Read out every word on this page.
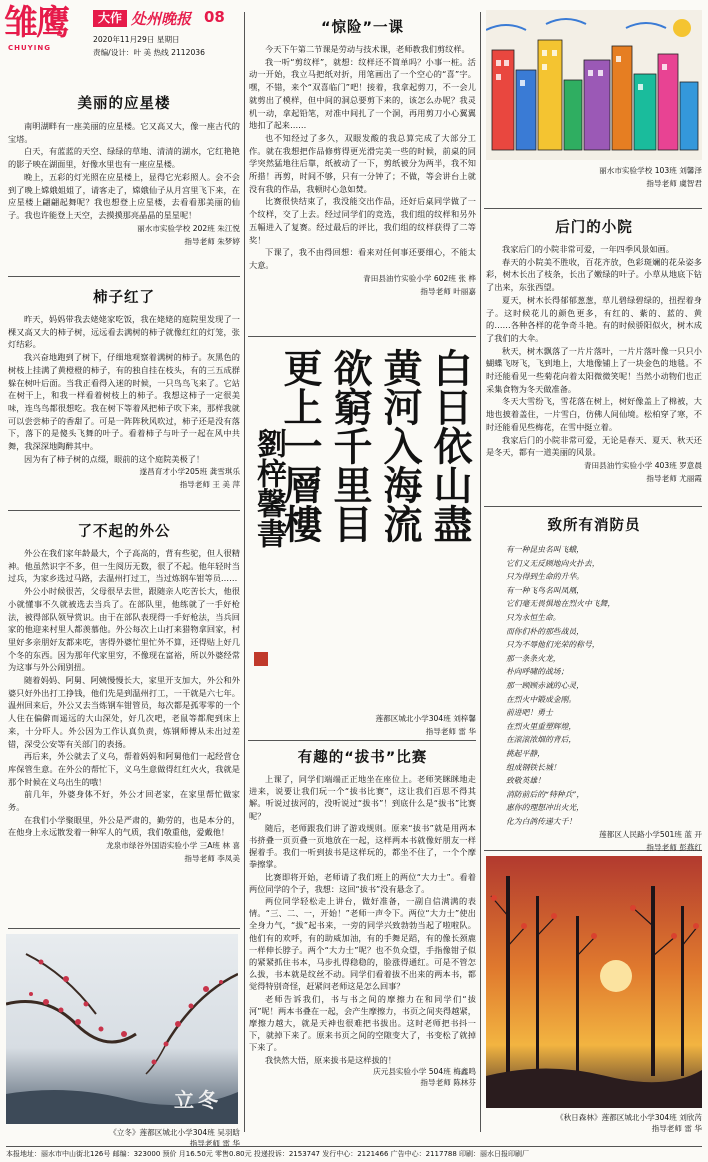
雏鹰
CHUYING
大作 处州晚报 08
2020年11月29日 星期日
责编/设计：叶 美 热线 2112036

美丽的应星楼

南明湖畔有一座美丽的应星楼。它又高又大，像一座古代的宝塔。

白天，有蓝蓝的天空、绿绿的草地、清清的湖水，它红艳艳的影子映在湖面里，好像水里也有一座应星楼。

晚上，五彩的灯光照在应星楼上，显得它光彩照人。会不会到了晚上嫦娥姐姐了，请客走了，嫦娥仙子从月宫里飞下来，在应星楼上翩翩起舞呢？我也想登上应星楼，去看看那美丽的仙子。我也许能登上天空，去摸摸那亮晶晶的星星呢！

丽水市实验学校 202班 朱江悦

指导老师 朱梦婷

柿子红了

昨天，妈妈带我去姥姥家吃饭，我在姥姥的庭院里发现了一棵又高又大的柿子树，远远看去满树的柿子就像红红的灯笼，张灯结彩。

我兴奋地跑到了树下，仔细地观察着满树的柿子。灰黑色的树枝上挂满了黄橙橙的柿子，有的独自挂在枝头，有的三五成群躲在树叶后面。当我正看得入迷的时候，一只鸟鸟飞来了。它站在树干上，和我一样看着树枝上的柿子。我想这柿子一定很美味，连鸟鸟都很想吃。我在树下等着风把柿子吹下来，那样我就可以尝尝柿子的香甜了。可是一阵阵秋风吹过，柿子还是没有落下，落下的是傻头飞舞的叶子。看着柿子与叶子一起在风中共舞，我深深地陶醉其中。

因为有了柿子树的点缀，眼前的这个庭院美极了！

遂昌育才小学205班 龚雪琪乐

指导老师 王 美 萍

了不起的外公

外公在我们家年龄最大，个子高高的，背有些驼，但人很精神。他虽然识字不多，但一生阅历无数，很了不起。他年轻时当过兵，为家乡选过马路，去温州打过工，当过炼钢车钳等员……

外公小时候很苦，父母很早去世，跟随亲人吃苦长大，他很小就懂事不久就被选去当兵了。在部队里，他练就了一手好枪法，被得部队领导赏识。由于在部队表现得一手好枪法，当兵回家的他迎来村里人都羡慕他。外公每次上山打来猎物拿回家，村里好多亲朋好友都来吃，害得外婆忙里忙外不算，还得贴上好几个冬的东西。因为那年代家里穷，不像现在富裕，所以外婆经常为这事与外公闹别扭。

随着妈妈、阿舅、阿姨慢慢长大，家里开支加大，外公和外婆只好外出打工挣钱，他们先是到温州打工，一干就是六七年。温州回来后，外公又去当炼钢车钳管员，每次都是孤零零的一个人住在偏僻而遥远的大山深处，好几次吧，老鼠等都爬到床上来，十分吓人。外公因为工作认真负责，炼钢师傅从未出过差错，深受公安等有关部门的表扬。

再后来，外公就去了义乌，帮着妈妈和阿舅他们一起经营仓库保管生意。在外公的帮忙下，义乌生意做得红红火火，我就是那个时候在义乌出生的哦！

前几年，外婆身体不好，外公才回老家，在家里帮忙做家务。

在我们小学聚眼里，外公是严肃的，勤劳的，也是本分的，在他身上永远散发着一种军人的气质，我们敬重他，爱戴他！

龙泉市绿谷外国语实验小学 三A班 林 喜

指导老师 李凤美

立冬

《立冬》莲都区城北小学304班 吴羽晗

指导老师 雷 华

“惊险”一课

今天下午第二节课是劳动与技术课，老师教我们剪纹样。

我一听“剪纹样”，就想：纹样还不简单吗？小事一桩。活动一开始，我立马把纸对折，用笔画出了一个空心的“喜”字。嘿，不错，来个“双喜临门”吧！接着，我拿起剪刀，不一会儿就剪出了模样，但中间的洞总要剪下来的，该怎么办呢？我灵机一动，拿起铅笔，对准中间扎了一个洞，再用剪刀小心翼翼地扣了起来……

也不知经过了多久，双眼发酸的我总算完成了大部分工作。就在我想把作品修剪得更光滑完美一些的时候，前桌的同学突然猛地往后靠，纸被动了一下，剪纸被分为两半，我不知所措！再剪，时间不够，只有一分钟了；不做，等会讲台上就没有我的作品，我顿时心急如焚。

比赛很快结束了，我没能交出作品，还好后桌同学做了一个纹样，交了上去。经过同学们的竞选，我们组的纹样和另外五幅进入了复赛。经过最后的评比，我们组的纹样获得了二等奖！

下课了，我不由得回想：看来对任何事还要细心，不能太大意。

青田县油竹实验小学 602班 张 桦

指导老师 叶丽嘉

白日依山盡
黄河入海流
欲窮千里目
更上一層樓
劉梓馨書

莲都区城北小学304班 刘梓馨

指导老师 雷 华

有趣的“拔书”比赛

上课了，同学们端端正正地坐在座位上。老师笑眯眯地走进来，说要让我们玩一个“拔书比赛”，这让我们百思不得其解。听说过拔河的，没听说过“拔书”！到底什么是“拔书”比赛呢？

随后，老师跟我们讲了游戏规则。原来“拔书”就是用两本书挤叠一页页叠一页地放在一起，这样两本书就像好朋友一样握着手。我们一听到拔书是这样玩的，都坐不住了，一个个摩拳擦掌。

比赛即将开始，老师请了我们班上的两位“大力士”。看着两位同学的个子，我想：这回“拔书”没有悬念了。

两位同学轻松走上讲台，做好准备，一副自信满满的表情。“三、二、一，开始！”老师一声令下。两位“大力士”使出全身力气，“拔”起书来，一旁的同学兴致勃勃当起了啦啦队。他们有的欢呼，有的助威加油，有的手舞足蹈，有的像长颈鹿一样伸长脖子。两个“大力士”呢？也不负众望，手指像钳子似的紧紧抓住书本，马步扎得稳稳的，脸涨得通红。可是不管怎么拔，书本就是纹丝不动。同学们看着拔不出来的两本书，都觉得特别奇怪，赶紧问老师这是怎么回事？

老师告诉我们，书与书之间的摩擦力在和同学们“拔河”呢！两本书叠在一起，会产生摩擦力，书页之间夹得越紧，摩擦力越大，就是天神也很难把书拔出。这时老师把书抖一下，就掉下来了。原来书页之间的空隙变大了，书变松了就掉下来了。

我快然大悟，原来拔书是这样拔的！

庆元县实验小学 504班 梅鑫鸣

指导老师 陈林芬

丽水市实验学校 103班 刘馨泽

指导老师 虞智君

后门的小院

我家后门的小院非常可爱，一年四季风景如画。

春天的小院美不胜收，百花齐放，色彩斑斓的花朵姿多彩，树木长出了枝条，长出了嫩绿的叶子。小草从地底下钻了出来，东张西望。

夏天，树木长得郁郁葱葱，草儿碧绿碧绿的，扭捏着身子。这时候花儿的颜色更多，有红的、紫的、蓝的、黄的……各种各样的花争奇斗艳。有的时候骄阳似火，树木成了我们的大伞。

秋天，树木飘落了一片片落叶，一片片落叶像一只只小蝴蝶飞呀飞，飞到地上，大地像铺上了一块金色的地毯。不时还能看见一些菊花向着太阳微微笑呢！当然小动物们也正采集食物为冬天做准备。

冬天大雪纷飞，雪花落在树上，树好像盖上了棉被，大地也披着盖住，一片雪白，仿佛人间仙境。松柏穿了寒，不时还能看见些梅花，在雪中挺立着。

我家后门的小院非常可爱，无论是春天、夏天、秋天还是冬天，都有一道美丽的风景。

青田县油竹实验小学 403班 罗意晨

指导老师 尤丽霞

致所有消防员

有一种昆虫名叫飞蛾，

它们义无反顾地向火扑去，

只为得到生命的升华。

有一种飞鸟名叫凤凰，

它们毫无畏惧地在烈火中飞舞，

只为永恒生命。

而你们朴的那些战员，

只为不辱他们光荣的称号，

那一条条火龙，

朴向呼啸的战场；

那一顾顾赤诚的心灵，

在烈火中锻成金刚。

前进吧！勇士

在烈火里重塑辉煌，

在滚滚浓烟的背后，

挑起平静，

组成钢铁长城！

致敬英雄！

消防前后的“特种兵”，

惠你的理想冲出火光，

化为白鸽传递大千！

莲都区人民路小学501班 蓝 开

指导老师 彭燕红

《秋日森林》莲都区城北小学304班 刘欣芮

指导老师 雷 华

本报地址：丽水市中山街北126号 邮编：323000 预价 月16.50元 零售0.80元 投递投诉：2153747 发行中心：2121466 广告中心：2117788 印刷：丽水日报印刷厂
